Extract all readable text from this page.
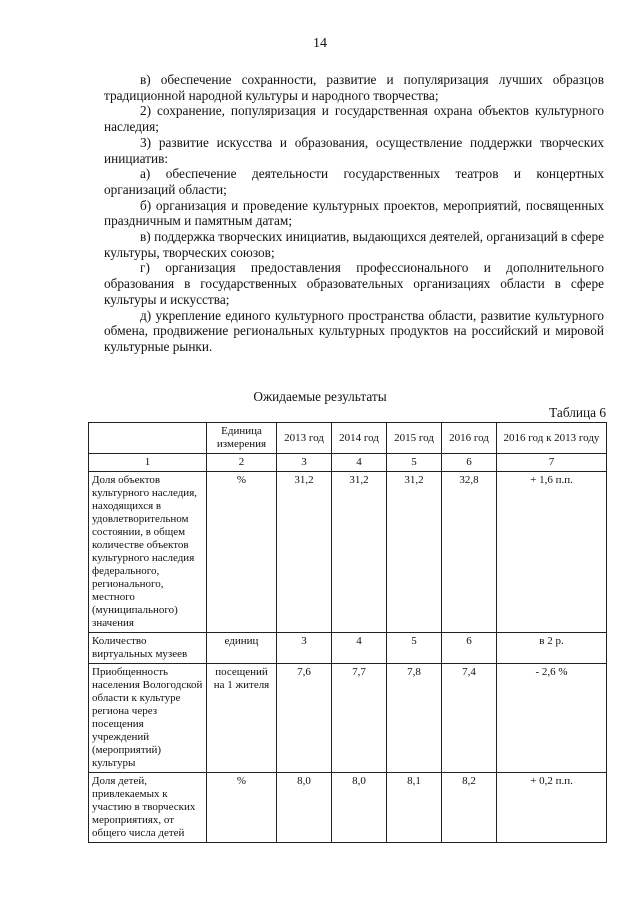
14

в) обеспечение сохранности, развитие и популяризация лучших образцов традиционной народной культуры и народного творчества;

2) сохранение, популяризация и государственная охрана объектов культурного наследия;

3) развитие искусства и образования, осуществление поддержки творческих инициатив:

а) обеспечение деятельности государственных театров и концертных организаций области;

б) организация и проведение культурных проектов, мероприятий, посвященных праздничным и памятным датам;

в) поддержка творческих инициатив, выдающихся деятелей, организаций в сфере культуры, творческих союзов;

г) организация предоставления профессионального и дополнительного образования в государственных образовательных организациях области в сфере культуры и искусства;

д) укрепление единого культурного пространства области, развитие культурного обмена, продвижение региональных культурных продуктов на российский и мировой культурные рынки.

Ожидаемые результаты
Таблица 6
	Единица измерения	2013 год	2014 год	2015 год	2016 год	2016 год к 2013 году
1	2	3	4	5	6	7
Доля объектов культурного наследия, находящихся в удовлетворительном состоянии, в общем количестве объектов культурного наследия федерального, регионального, местного (муниципального) значения	%	31,2	31,2	31,2	32,8	+ 1,6 п.п.
Количество виртуальных музеев	единиц	3	4	5	6	в 2 р.
Приобщенность населения Вологодской области к культуре региона через посещения учреждений (мероприятий) культуры	посещений на 1 жителя	7,6	7,7	7,8	7,4	- 2,6 %
Доля детей, привлекаемых к участию в творческих мероприятиях, от общего числа детей	%	8,0	8,0	8,1	8,2	+ 0,2 п.п.
